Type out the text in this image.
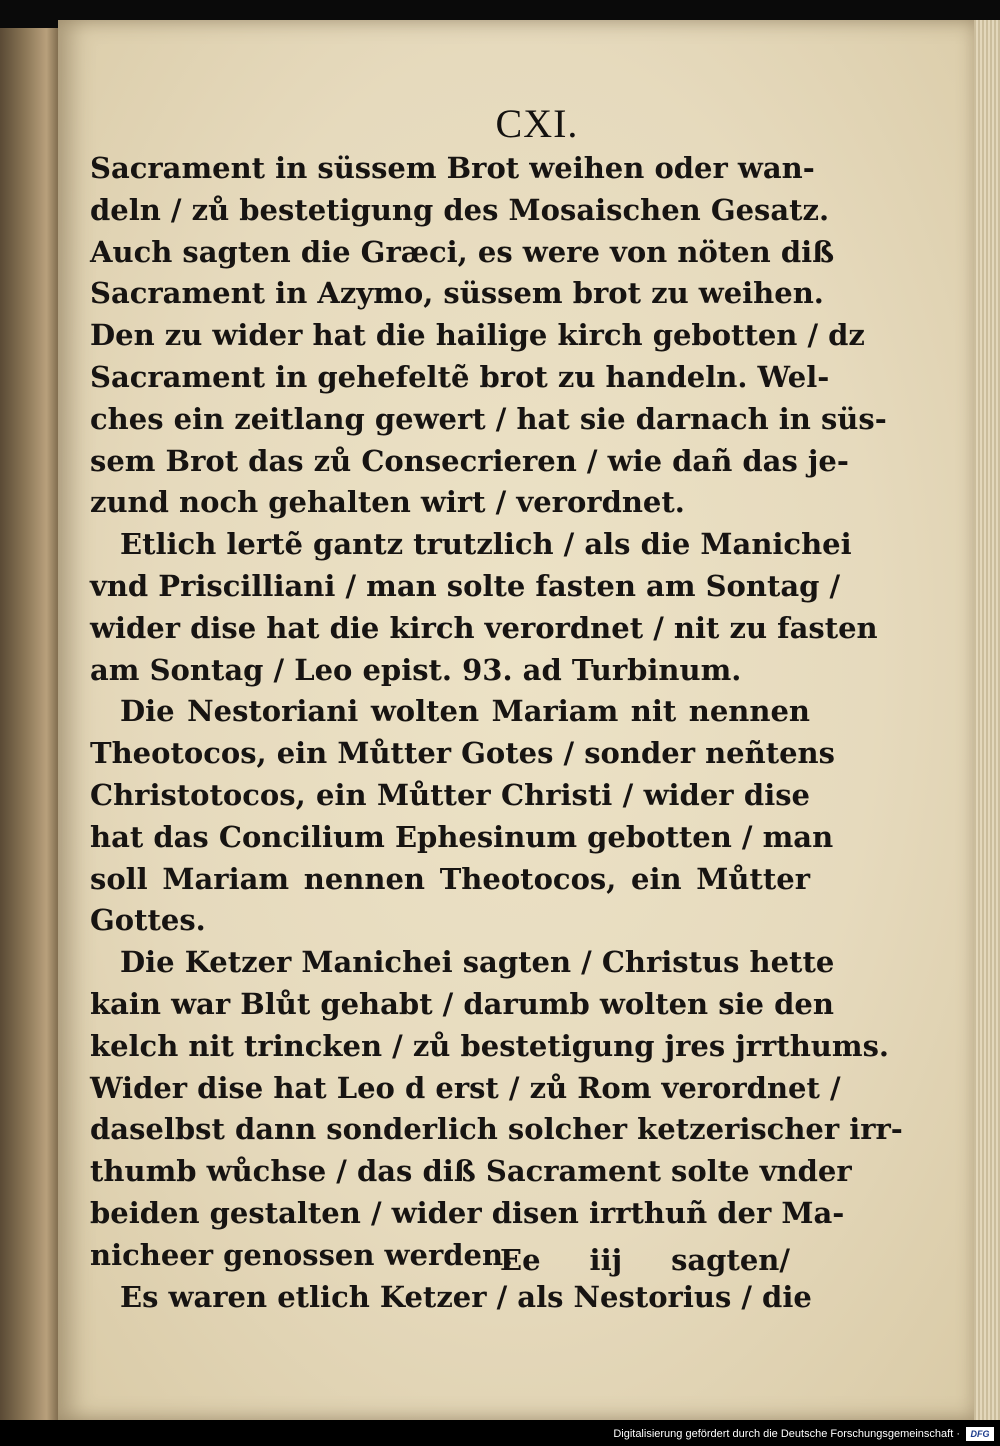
CXI.
Sacrament in süssem Brot weihen oder wan-
deln / zů bestetigung des Mosaischen Gesatz.
Auch sagten die Græci, es were von nöten diß
Sacrament in Azymo, süssem brot zu weihen.
Den zu wider hat die hailige kirch gebotten / dz
Sacrament in gehefeltẽ brot zu handeln. Wel-
ches ein zeitlang gewert / hat sie darnach in süs-
sem Brot das zů Consecrieren / wie dañ das je-
zund noch gehalten wirt / verordnet.
Etlich lertẽ gantz trutzlich / als die Manichei
vnd Priscilliani / man solte fasten am Sontag /
wider dise hat die kirch verordnet / nit zu fasten
am Sontag / Leo epist. 93. ad Turbinum.
Die Nestoriani wolten Mariam nit nennen
Theotocos, ein Můtter Gotes / sonder neñtens
Christotocos, ein Můtter Christi / wider dise
hat das Concilium Ephesinum gebotten / man
soll Mariam nennen Theotocos, ein Můtter
Gottes.
Die Ketzer Manichei sagten / Christus hette
kain war Blůt gehabt / darumb wolten sie den
kelch nit trincken / zů bestetigung jres jrrthums.
Wider dise hat Leo d erst / zů Rom verordnet /
daselbst dann sonderlich solcher ketzerischer irr-
thumb wůchse / das diß Sacrament solte vnder
beiden gestalten / wider disen irrthuñ der Ma-
nicheer genossen werden.
Es waren etlich Ketzer / als Nestorius / die
Ee iij sagten/
Digitalisierung gefördert durch die Deutsche Forschungsgemeinschaft ·	DFG
